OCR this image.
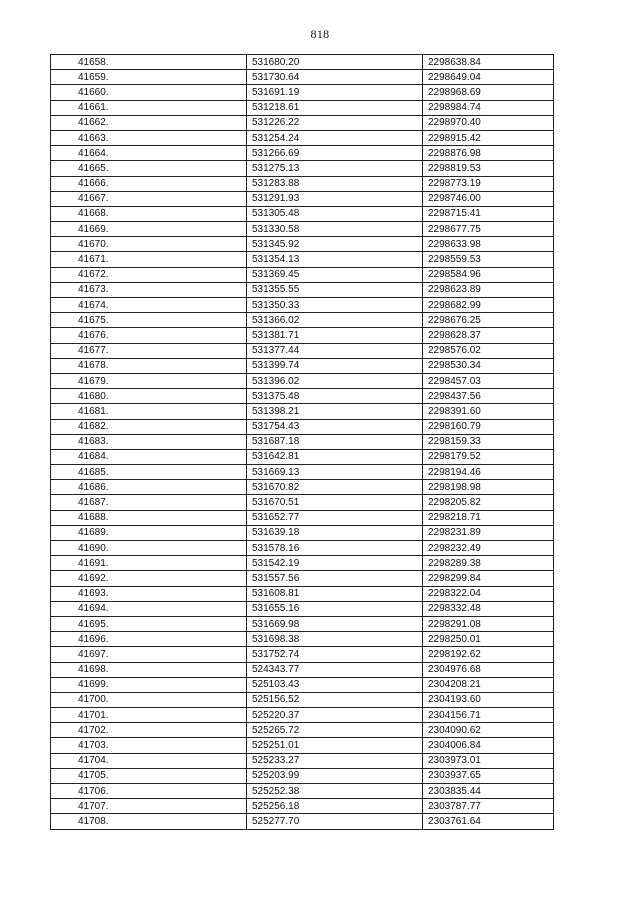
818
41658.	531680.20	2298638.84
41659.	531730.64	2298649.04
41660.	531691.19	2298968.69
41661.	531218.61	2298984.74
41662.	531226.22	2298970.40
41663.	531254.24	2298915.42
41664.	531266.69	2298876.98
41665.	531275.13	2298819.53
41666.	531283.88	2298773.19
41667.	531291.93	2298746.00
41668.	531305.48	2298715.41
41669.	531330.58	2298677.75
41670.	531345.92	2298633.98
41671.	531354.13	2298559.53
41672.	531369.45	2298584.96
41673.	531355.55	2298623.89
41674.	531350.33	2298682.99
41675.	531366.02	2298676.25
41676.	531381.71	2298628.37
41677.	531377.44	2298576.02
41678.	531399.74	2298530.34
41679.	531396.02	2298457.03
41680.	531375.48	2298437.56
41681.	531398.21	2298391.60
41682.	531754.43	2298160.79
41683.	531687.18	2298159.33
41684.	531642.81	2298179.52
41685.	531669.13	2298194.46
41686.	531670.82	2298198.98
41687.	531670.51	2298205.82
41688.	531652.77	2298218.71
41689.	531639.18	2298231.89
41690.	531578.16	2298232.49
41691.	531542.19	2298289.38
41692.	531557.56	2298299.84
41693.	531608.81	2298322.04
41694.	531655.16	2298332.48
41695.	531669.98	2298291.08
41696.	531698.38	2298250.01
41697.	531752.74	2298192.62
41698.	524343.77	2304976.68
41699.	525103.43	2304208.21
41700.	525156.52	2304193.60
41701.	525220.37	2304156.71
41702.	525265.72	2304090.62
41703.	525251.01	2304006.84
41704.	525233.27	2303973.01
41705.	525203.99	2303937.65
41706.	525252.38	2303835.44
41707.	525256.18	2303787.77
41708.	525277.70	2303761.64
